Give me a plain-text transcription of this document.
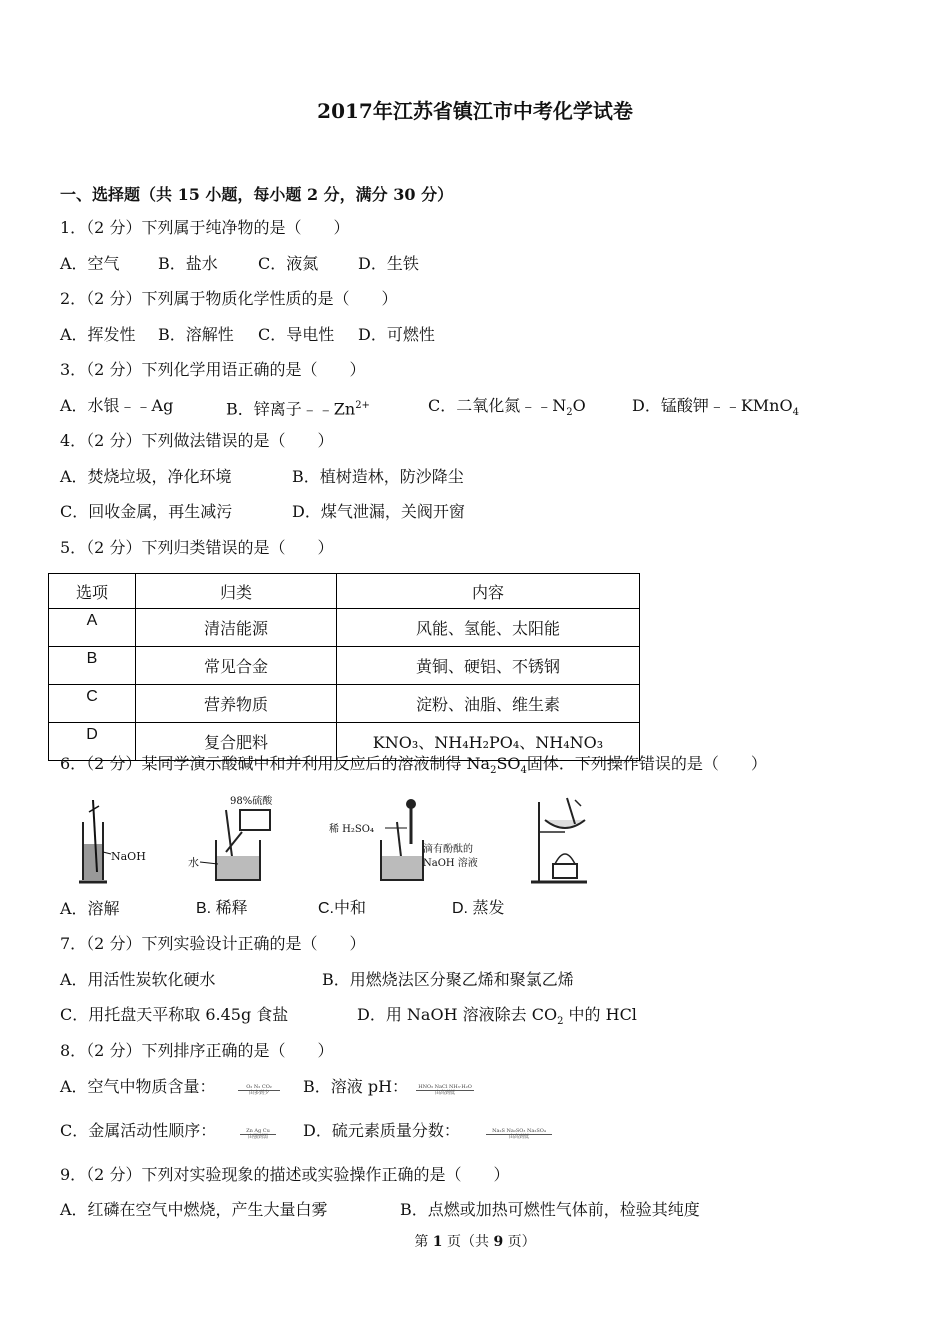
2017年江苏省镇江市中考化学试卷
一、选择题（共 15 小题，每小题 2 分，满分 30 分）
1．（2 分）下列属于纯净物的是（　　）
A．空气 B．盐水	C．液氮 D．生铁
2．（2 分）下列属于物质化学性质的是（　　）
A．挥发性 B．溶解性 C．导电性 D．可燃性
3．（2 分）下列化学用语正确的是（　　）
A．水银﹣﹣Ag	B．锌离子$﹣﹣Zn^{2+}$	C．二氧化氮$﹣﹣N_2O$	D．锰酸钾﹣﹣KMnO$_4$
4．（2 分）下列做法错误的是（　　）
A．焚烧垃圾，净化环境	B．植树造林，防沙降尘
C．回收金属，再生减污	D．煤气泄漏，关阀开窗
5．（2 分）下列归类错误的是（　　）
选项	归类	内容
A	清洁能源	风能、氢能、太阳能
B	常见合金	黄铜、硬铝、不锈钢
C	营养物质	淀粉、油脂、维生素
D	复合肥料	KNO₃、NH₄H₂PO₄、NH₄NO₃
6．（2 分）某同学演示酸碱中和并利用反应后的溶液制得 $Na_2SO_4$固体．下列操作错误的是（　　）
NaOH
98%硫酸
水
稀 H₂SO₄
滴有酚酞的
NaOH 溶液
A．溶解	B. 稀释	C.中和	D. 蒸发
7．（2 分）下列实验设计正确的是（　　）
A．用活性炭软化硬水	B．用燃烧法区分聚乙烯和聚氯乙烯
C．用托盘天平称取 6.45g 食盐	D．用 NaOH 溶液除去 $CO_2$ 中的 HCl
8．（2 分）下列排序正确的是（　　）
A．空气中物质含量：	O₂ N₂ CO₂
由多到少	B．溶液 pH：	HNO₃ NaCl NH₃·H₂O
由高到低
C．金属活动性顺序：	Zn Ag Cu
由强到弱	D．硫元素质量分数：	Na₂S Na₂SO₃ Na₂SO₄
由高到低
9．（2 分）下列对实验现象的描述或实验操作正确的是（　　）
A．红磷在空气中燃烧，产生大量白雾	B．点燃或加热可燃性气体前，检验其纯度
第 1 页（共 9 页）
